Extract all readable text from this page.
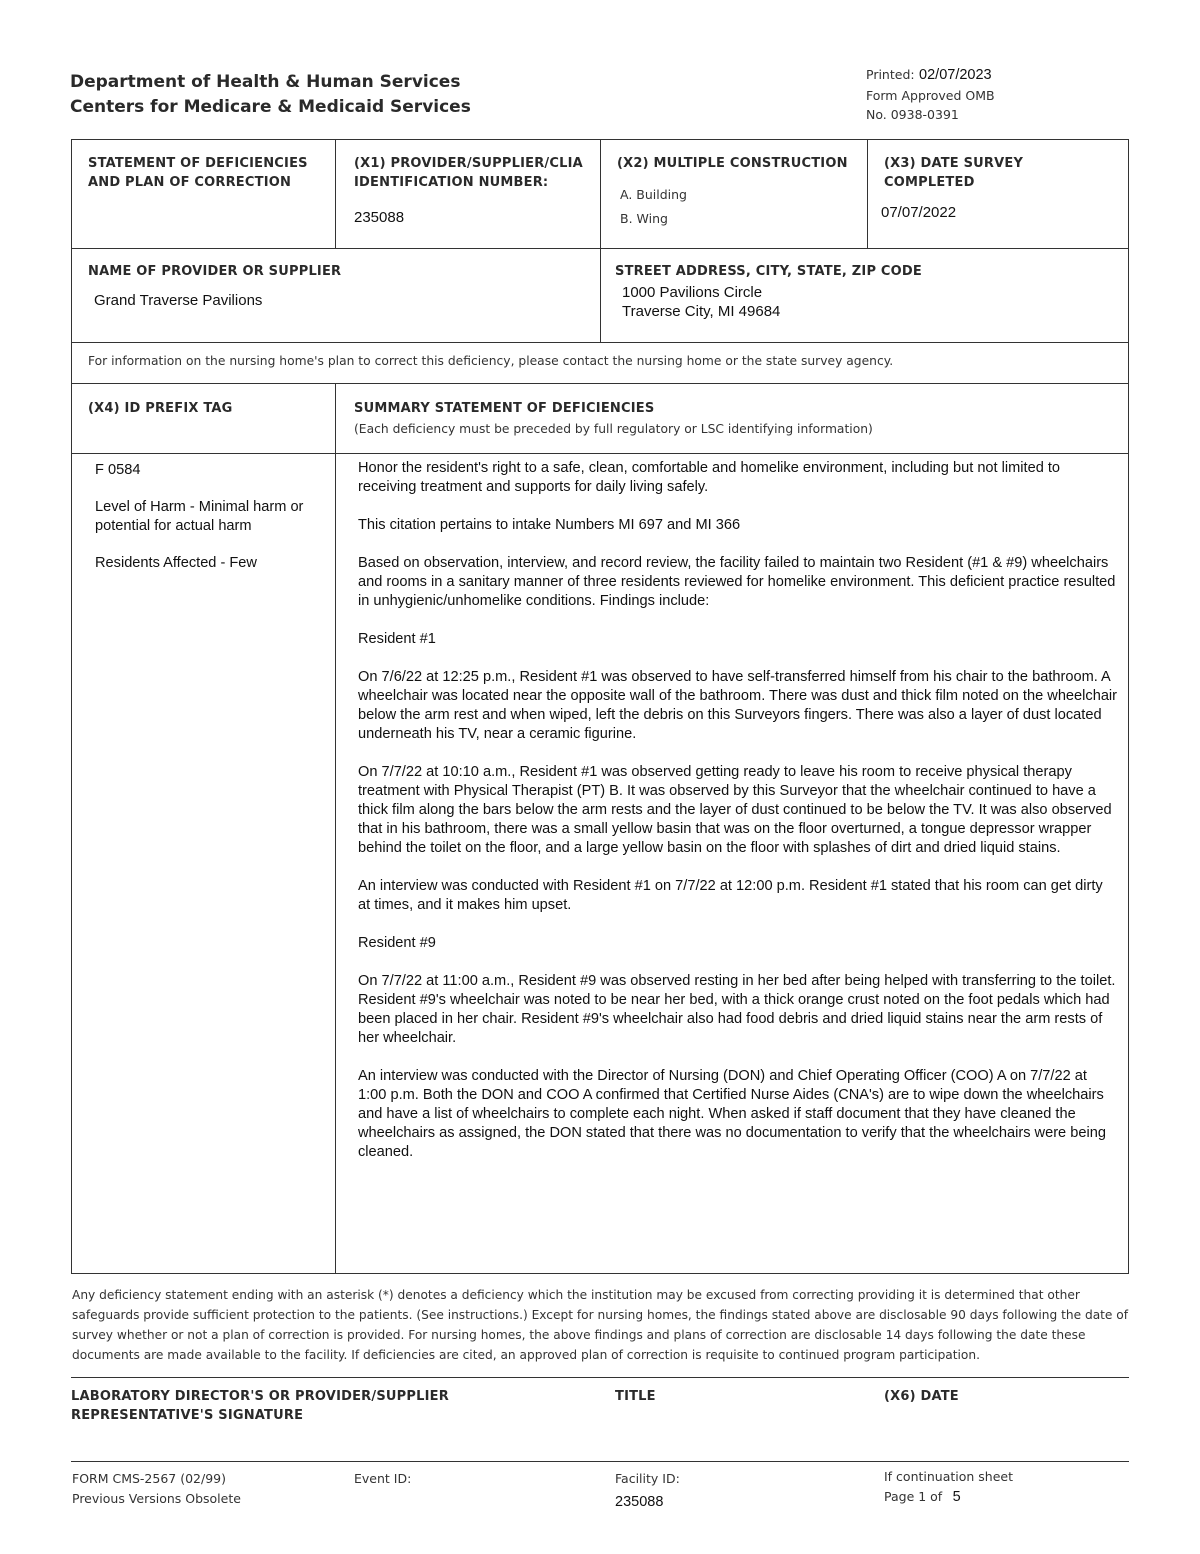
Department of Health & Human Services
Centers for Medicare & Medicaid Services
Printed: 02/07/2023
Form Approved OMB
No. 0938-0391
STATEMENT OF DEFICIENCIES AND PLAN OF CORRECTION
(X1) PROVIDER/SUPPLIER/CLIA IDENTIFICATION NUMBER:
235088
(X2) MULTIPLE CONSTRUCTION
A. Building
B. Wing
(X3) DATE SURVEY COMPLETED
07/07/2022
NAME OF PROVIDER OR SUPPLIER
Grand Traverse Pavilions
STREET ADDRESS, CITY, STATE, ZIP CODE
1000 Pavilions Circle
Traverse City, MI 49684
For information on the nursing home's plan to correct this deficiency, please contact the nursing home or the state survey agency.
(X4) ID PREFIX TAG	SUMMARY STATEMENT OF DEFICIENCIES
(Each deficiency must be preceded by full regulatory or LSC identifying information)

F 0584

Level of Harm - Minimal harm or potential for actual harm

Residents Affected - Few

Honor the resident's right to a safe, clean, comfortable and homelike environment, including but not limited to receiving treatment and supports for daily living safely.

This citation pertains to intake Numbers MI 697 and MI 366

Based on observation, interview, and record review, the facility failed to maintain two Resident (#1 & #9) wheelchairs and rooms in a sanitary manner of three residents reviewed for homelike environment. This deficient practice resulted in unhygienic/unhomelike conditions. Findings include:

Resident #1

On 7/6/22 at 12:25 p.m., Resident #1 was observed to have self-transferred himself from his chair to the bathroom. A wheelchair was located near the opposite wall of the bathroom. There was dust and thick film noted on the wheelchair below the arm rest and when wiped, left the debris on this Surveyors fingers. There was also a layer of dust located underneath his TV, near a ceramic figurine.

On 7/7/22 at 10:10 a.m., Resident #1 was observed getting ready to leave his room to receive physical therapy treatment with Physical Therapist (PT) B. It was observed by this Surveyor that the wheelchair continued to have a thick film along the bars below the arm rests and the layer of dust continued to be below the TV. It was also observed that in his bathroom, there was a small yellow basin that was on the floor overturned, a tongue depressor wrapper behind the toilet on the floor, and a large yellow basin on the floor with splashes of dirt and dried liquid stains.

An interview was conducted with Resident #1 on 7/7/22 at 12:00 p.m. Resident #1 stated that his room can get dirty at times, and it makes him upset.

Resident #9

On 7/7/22 at 11:00 a.m., Resident #9 was observed resting in her bed after being helped with transferring to the toilet. Resident #9's wheelchair was noted to be near her bed, with a thick orange crust noted on the foot pedals which had been placed in her chair. Resident #9's wheelchair also had food debris and dried liquid stains near the arm rests of her wheelchair.

An interview was conducted with the Director of Nursing (DON) and Chief Operating Officer (COO) A on 7/7/22 at 1:00 p.m. Both the DON and COO A confirmed that Certified Nurse Aides (CNA's) are to wipe down the wheelchairs and have a list of wheelchairs to complete each night. When asked if staff document that they have cleaned the wheelchairs as assigned, the DON stated that there was no documentation to verify that the wheelchairs were being cleaned.

Any deficiency statement ending with an asterisk (*) denotes a deficiency which the institution may be excused from correcting providing it is determined that other safeguards provide sufficient protection to the patients. (See instructions.) Except for nursing homes, the findings stated above are disclosable 90 days following the date of survey whether or not a plan of correction is provided. For nursing homes, the above findings and plans of correction are disclosable 14 days following the date these documents are made available to the facility. If deficiencies are cited, an approved plan of correction is requisite to continued program participation.
LABORATORY DIRECTOR'S OR PROVIDER/SUPPLIER REPRESENTATIVE'S SIGNATURE
TITLE	(X6) DATE
FORM CMS-2567 (02/99)
Previous Versions Obsolete
Event ID:	Facility ID:
235088
If continuation sheet
Page 1 of 5
